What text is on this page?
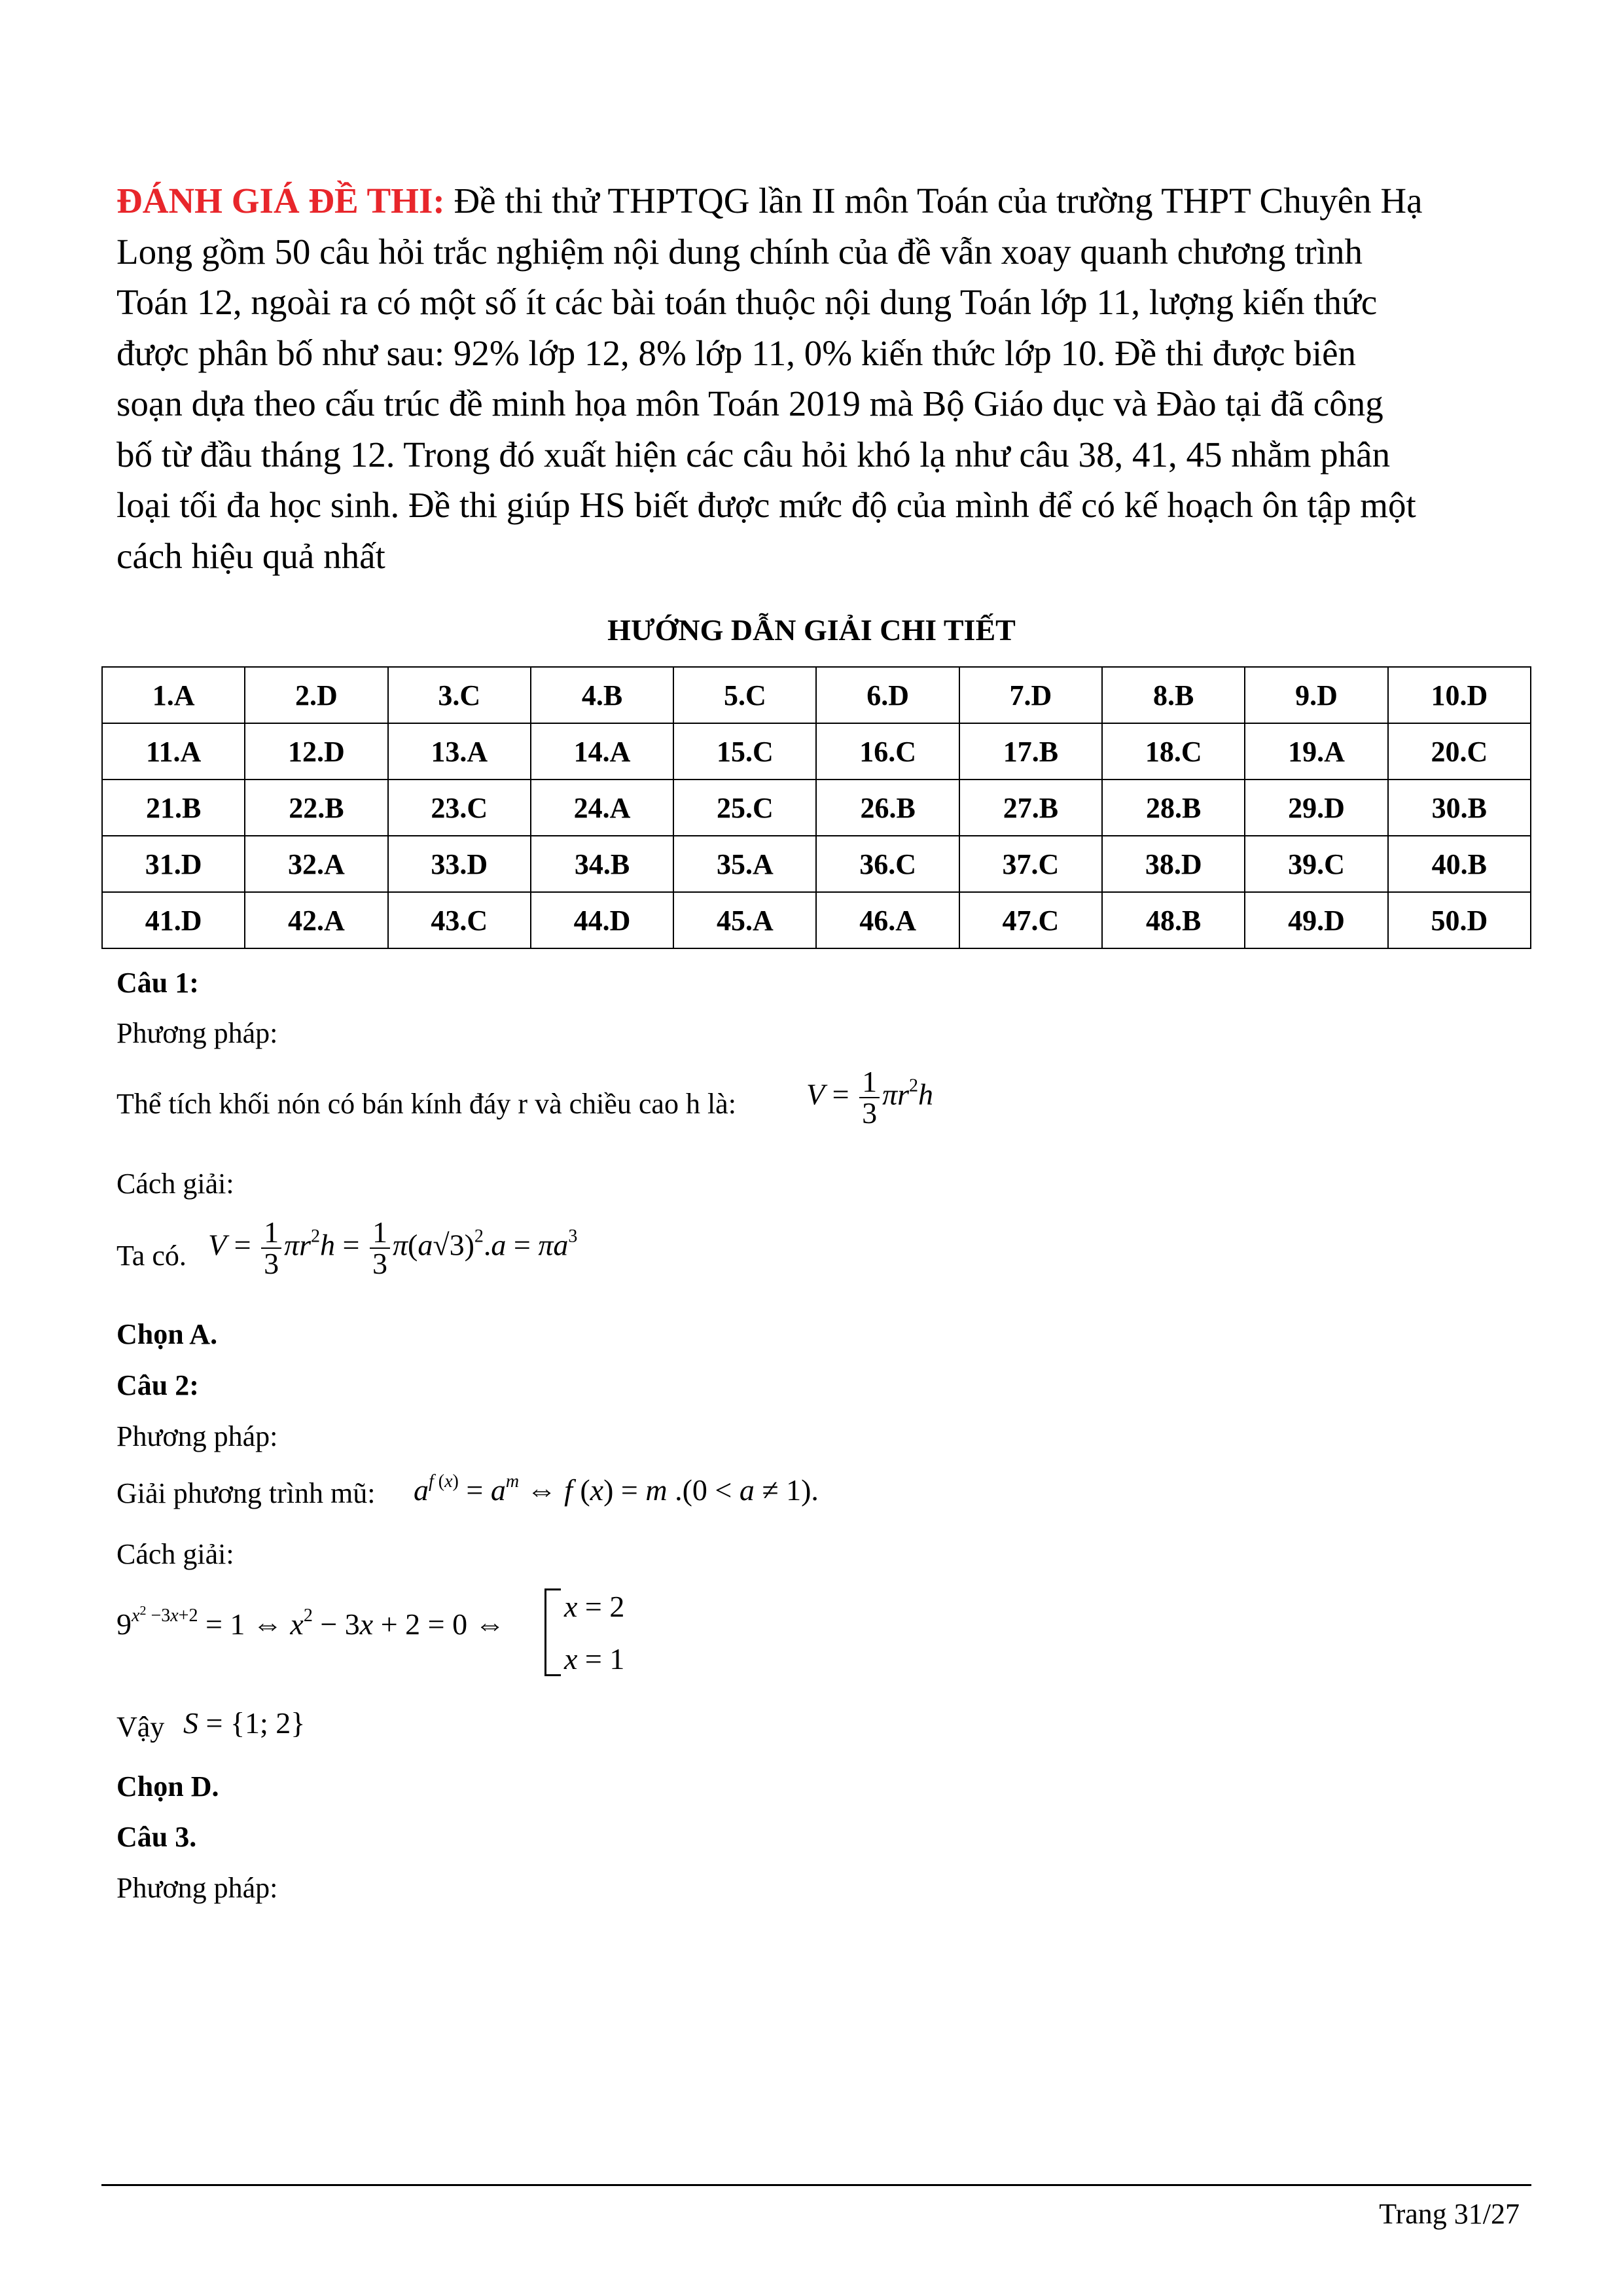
ĐÁNH GIÁ ĐỀ THI: Đề thi thử THPTQG lần II môn Toán của trường THPT Chuyên Hạ
Long gồm 50 câu hỏi trắc nghiệm nội dung chính của đề vẫn xoay quanh chương trình
Toán 12, ngoài ra có một số ít các bài toán thuộc nội dung Toán lớp 11, lượng kiến thức
được phân bố như sau: 92% lớp 12, 8% lớp 11, 0% kiến thức lớp 10. Đề thi được biên
soạn dựa theo cấu trúc đề minh họa môn Toán 2019 mà Bộ Giáo dục và Đào tại đã công
bố từ đầu tháng 12. Trong đó xuất hiện các câu hỏi khó lạ như câu 38, 41, 45 nhằm phân
loại tối đa học sinh. Đề thi giúp HS biết được mức độ của mình để có kế hoạch ôn tập một
cách hiệu quả nhất

HƯỚNG DẪN GIẢI CHI TIẾT
1.A	2.D	3.C	4.B	5.C	6.D	7.D	8.B	9.D	10.D
11.A	12.D	13.A	14.A	15.C	16.C	17.B	18.C	19.A	20.C
21.B	22.B	23.C	24.A	25.C	26.B	27.B	28.B	29.D	30.B
31.D	32.A	33.D	34.B	35.A	36.C	37.C	38.D	39.C	40.B
41.D	42.A	43.C	44.D	45.A	46.A	47.C	48.B	49.D	50.D
Câu 1:
Phương pháp:
Thể tích khối nón có bán kính đáy r và chiều cao h là: $V = \frac{1}{3} \pi r^2h$
Cách giải:
Ta có. $V = \frac{1}{3} \pi r^2h = \frac{1}{3} \pi(a√3)^2.a = \pi a^3$
Chọn A.
Câu 2:
Phương pháp:
Giải phương trình mũ: $a^{f (x)} = a^m$ ⇔ f (x) = m .(0 < a ≠ 1).
Cách giải:
$9^{x^2 -3x+2} = 1$ ⇔ $x^2 - 3x + 2 = 0$ ⇔
x = 2
x = 1
Vậy S = {1; 2}
Chọn D.
Câu 3.
Phương pháp:
Trang 31/27
